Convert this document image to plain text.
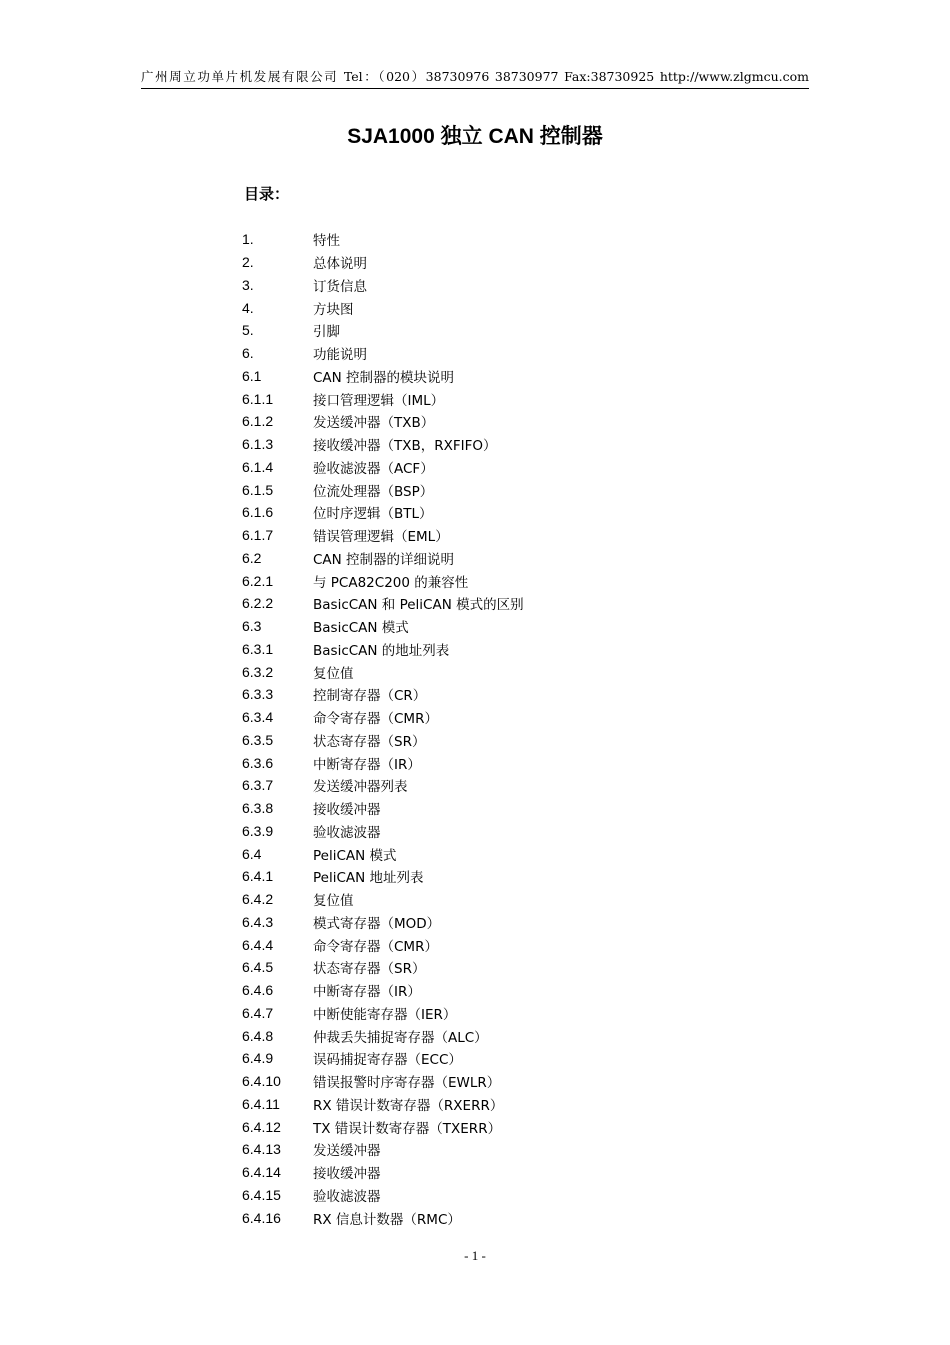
广州周立功单片机发展有限公司 Tel：（020）38730976 38730977 Fax:38730925 http://www.zlgmcu.com
SJA1000 独立 CAN 控制器
目录：
1.	特性
2.	总体说明
3.	订货信息
4.	方块图
5.	引脚
6.	功能说明
6.1	CAN 控制器的模块说明
6.1.1	接口管理逻辑（IML）
6.1.2	发送缓冲器（TXB）
6.1.3	接收缓冲器（TXB，RXFIFO）
6.1.4	验收滤波器（ACF）
6.1.5	位流处理器（BSP）
6.1.6	位时序逻辑（BTL）
6.1.7	错误管理逻辑（EML）
6.2	CAN 控制器的详细说明
6.2.1	与 PCA82C200 的兼容性
6.2.2	BasicCAN 和 PeliCAN 模式的区别
6.3	BasicCAN 模式
6.3.1	BasicCAN 的地址列表
6.3.2	复位值
6.3.3	控制寄存器（CR）
6.3.4	命令寄存器（CMR）
6.3.5	状态寄存器（SR）
6.3.6	中断寄存器（IR）
6.3.7	发送缓冲器列表
6.3.8	接收缓冲器
6.3.9	验收滤波器
6.4	PeliCAN 模式
6.4.1	PeliCAN 地址列表
6.4.2	复位值
6.4.3	模式寄存器（MOD）
6.4.4	命令寄存器（CMR）
6.4.5	状态寄存器（SR）
6.4.6	中断寄存器（IR）
6.4.7	中断使能寄存器（IER）
6.4.8	仲裁丢失捕捉寄存器（ALC）
6.4.9	误码捕捉寄存器（ECC）
6.4.10	错误报警时序寄存器（EWLR）
6.4.11	RX 错误计数寄存器（RXERR）
6.4.12	TX 错误计数寄存器（TXERR）
6.4.13	发送缓冲器
6.4.14	接收缓冲器
6.4.15	验收滤波器
6.4.16	RX 信息计数器（RMC）
- 1 -
